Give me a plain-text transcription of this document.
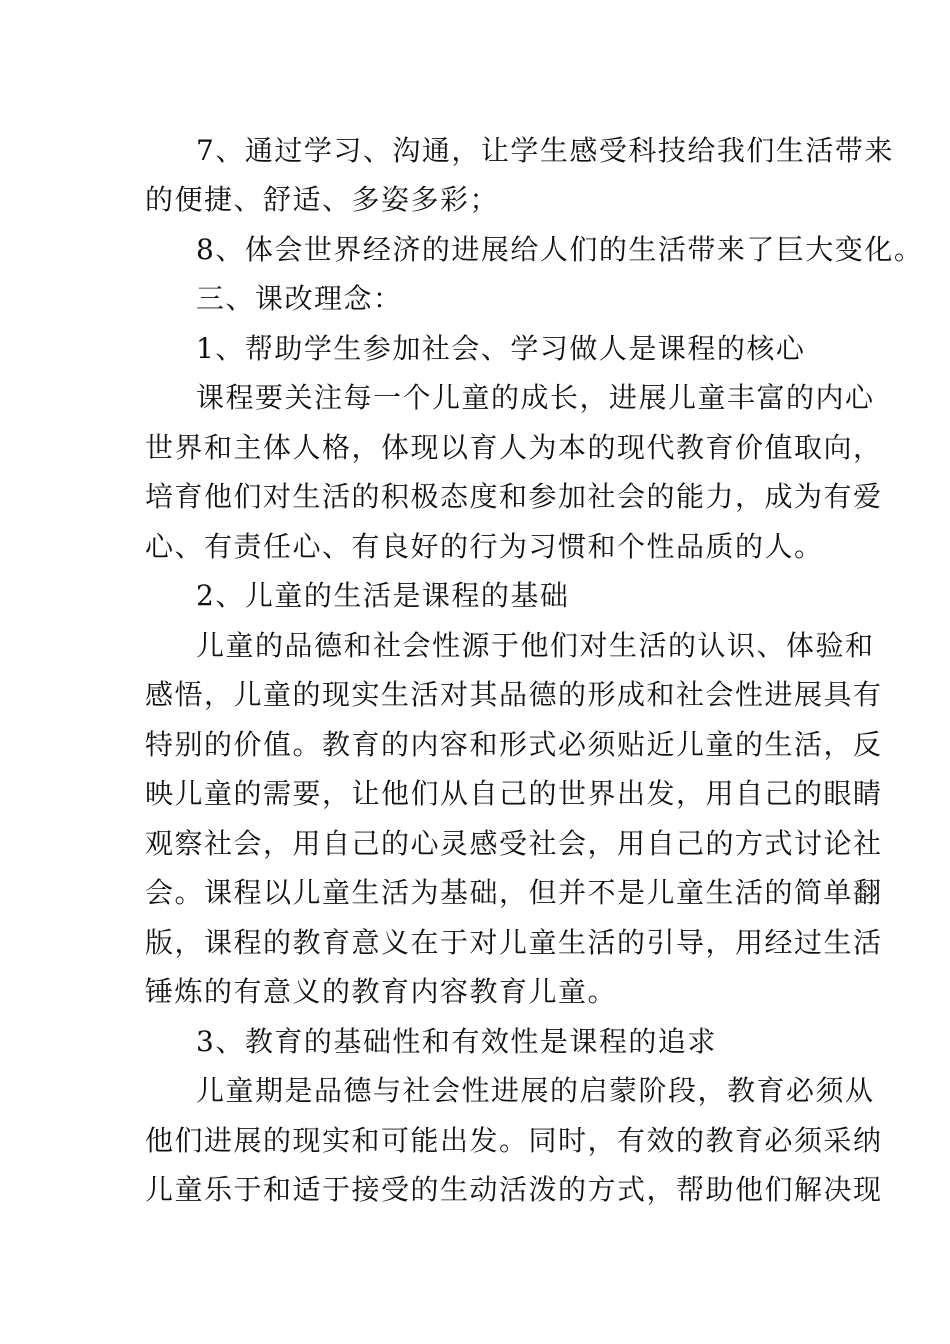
7、通过学习、沟通，让学生感受科技给我们生活带来

的便捷、舒适、多姿多彩；

8、体会世界经济的进展给人们的生活带来了巨大变化。

三、课改理念：

1、帮助学生参加社会、学习做人是课程的核心

课程要关注每一个儿童的成长，进展儿童丰富的内心

世界和主体人格，体现以育人为本的现代教育价值取向，

培育他们对生活的积极态度和参加社会的能力，成为有爱

心、有责任心、有良好的行为习惯和个性品质的人。

2、儿童的生活是课程的基础

儿童的品德和社会性源于他们对生活的认识、体验和

感悟，儿童的现实生活对其品德的形成和社会性进展具有

特别的价值。教育的内容和形式必须贴近儿童的生活，反

映儿童的需要，让他们从自己的世界出发，用自己的眼睛

观察社会，用自己的心灵感受社会，用自己的方式讨论社

会。课程以儿童生活为基础，但并不是儿童生活的简单翻

版，课程的教育意义在于对儿童生活的引导，用经过生活

锤炼的有意义的教育内容教育儿童。

3、教育的基础性和有效性是课程的追求

儿童期是品德与社会性进展的启蒙阶段，教育必须从

他们进展的现实和可能出发。同时，有效的教育必须采纳

儿童乐于和适于接受的生动活泼的方式，帮助他们解决现
